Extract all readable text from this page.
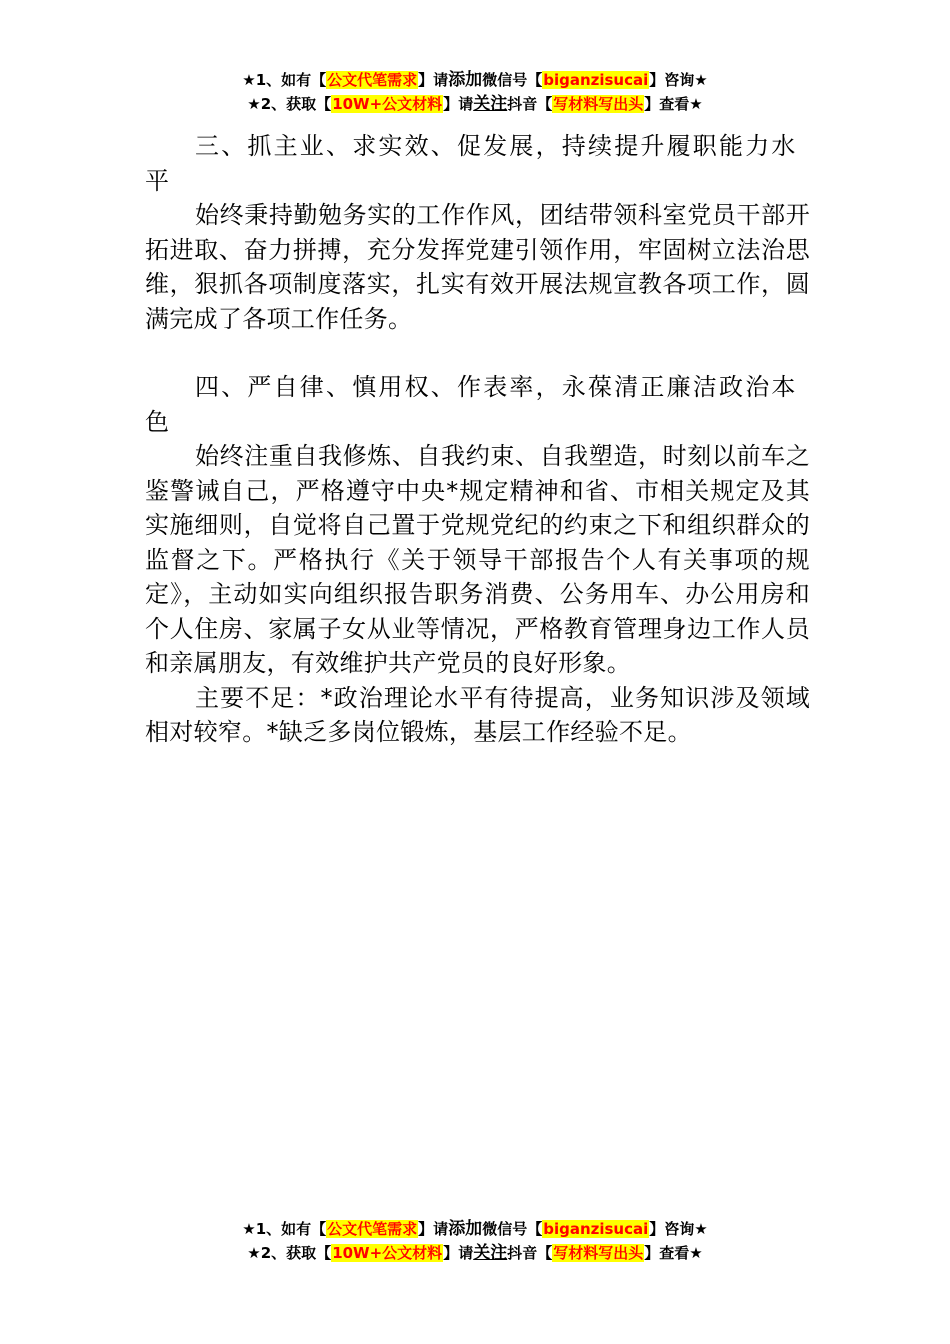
★1、如有【公文代笔需求】请添加微信号【biganzisucai】咨询★
★2、获取【10W+公文材料】请关注抖音【写材料写出头】查看★

三、抓主业、求实效、促发展，持续提升履职能力水平

始终秉持勤勉务实的工作作风，团结带领科室党员干部开拓进取、奋力拼搏，充分发挥党建引领作用，牢固树立法治思维，狠抓各项制度落实，扎实有效开展法规宣教各项工作，圆满完成了各项工作任务。

四、严自律、慎用权、作表率，永葆清正廉洁政治本色

始终注重自我修炼、自我约束、自我塑造，时刻以前车之鉴警诫自己，严格遵守中央*规定精神和省、市相关规定及其实施细则，自觉将自己置于党规党纪的约束之下和组织群众的监督之下。严格执行《关于领导干部报告个人有关事项的规定》，主动如实向组织报告职务消费、公务用车、办公用房和个人住房、家属子女从业等情况，严格教育管理身边工作人员和亲属朋友，有效维护共产党员的良好形象。

主要不足：*政治理论水平有待提高，业务知识涉及领域相对较窄。*缺乏多岗位锻炼，基层工作经验不足。

★1、如有【公文代笔需求】请添加微信号【biganzisucai】咨询★
★2、获取【10W+公文材料】请关注抖音【写材料写出头】查看★
